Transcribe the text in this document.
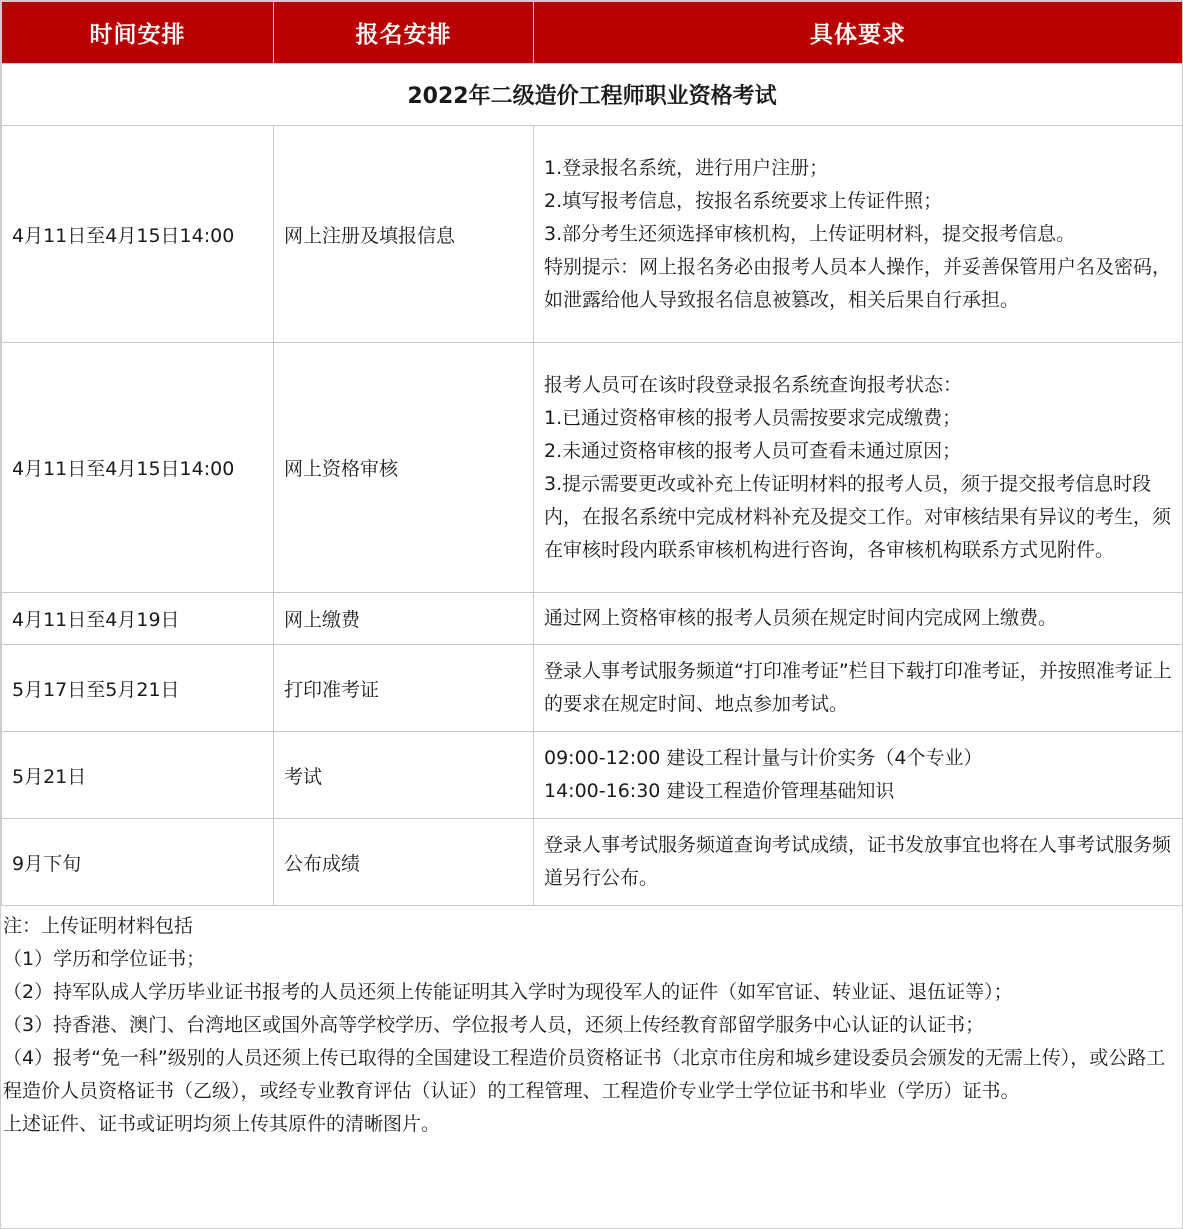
时间安排	报名安排	具体要求
2022年二级造价工程师职业资格考试		
4月11日至4月15日14:00	网上注册及填报信息	1.登录报名系统，进行用户注册；
2.填写报考信息，按报名系统要求上传证件照；
3.部分考生还须选择审核机构，上传证明材料，提交报考信息。
特别提示：网上报名务必由报考人员本人操作，并妥善保管用户名及密码，如泄露给他人导致报名信息被篡改，相关后果自行承担。

4月11日至4月15日14:00	网上资格审核	报考人员可在该时段登录报名系统查询报考状态：
1.已通过资格审核的报考人员需按要求完成缴费；
2.未通过资格审核的报考人员可查看未通过原因；
3.提示需要更改或补充上传证明材料的报考人员，须于提交报考信息时段内，在报名系统中完成材料补充及提交工作。对审核结果有异议的考生，须在审核时段内联系审核机构进行咨询，各审核机构联系方式见附件。

4月11日至4月19日	网上缴费	通过网上资格审核的报考人员须在规定时间内完成网上缴费。

5月17日至5月21日	打印准考证	登录人事考试服务频道“打印准考证”栏目下载打印准考证，并按照准考证上的要求在规定时间、地点参加考试。

5月21日	考试	09:00-12:00 建设工程计量与计价实务（4个专业）
14:00-16:30 建设工程造价管理基础知识

9月下旬	公布成绩	登录人事考试服务频道查询考试成绩，证书发放事宜也将在人事考试服务频道另行公布。
注：上传证明材料包括
（1）学历和学位证书；
（2）持军队成人学历毕业证书报考的人员还须上传能证明其入学时为现役军人的证件（如军官证、转业证、退伍证等）；
（3）持香港、澳门、台湾地区或国外高等学校学历、学位报考人员，还须上传经教育部留学服务中心认证的认证书；
（4）报考“免一科”级别的人员还须上传已取得的全国建设工程造价员资格证书（北京市住房和城乡建设委员会颁发的无需上传），或公路工程造价人员资格证书（乙级），或经专业教育评估（认证）的工程管理、工程造价专业学士学位证书和毕业（学历）证书。
上述证件、证书或证明均须上传其原件的清晰图片。
